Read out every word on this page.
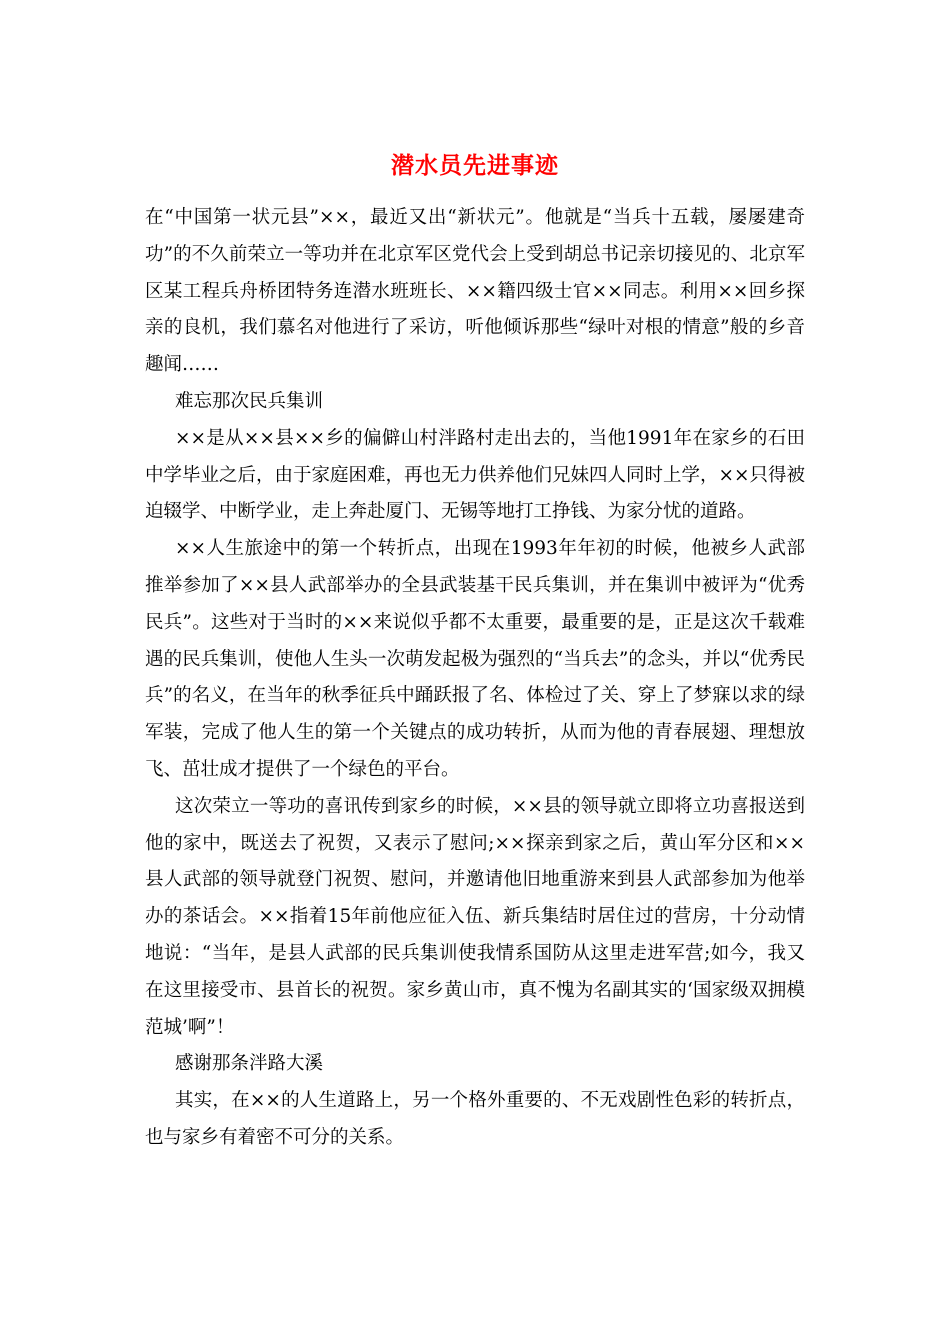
潜水员先进事迹

在“中国第一状元县”××，最近又出“新状元”。他就是“当兵十五载，屡屡建奇功”的不久前荣立一等功并在北京军区党代会上受到胡总书记亲切接见的、北京军区某工程兵舟桥团特务连潜水班班长、××籍四级士官××同志。利用××回乡探亲的良机，我们慕名对他进行了采访，听他倾诉那些“绿叶对根的情意”般的乡音趣闻……

难忘那次民兵集训

××是从××县××乡的偏僻山村泮路村走出去的，当他1991年在家乡的石田中学毕业之后，由于家庭困难，再也无力供养他们兄妹四人同时上学，××只得被迫辍学、中断学业，走上奔赴厦门、无锡等地打工挣钱、为家分忧的道路。

××人生旅途中的第一个转折点，出现在1993年年初的时候，他被乡人武部推举参加了××县人武部举办的全县武装基干民兵集训，并在集训中被评为“优秀民兵”。这些对于当时的××来说似乎都不太重要，最重要的是，正是这次千载难遇的民兵集训，使他人生头一次萌发起极为强烈的“当兵去”的念头，并以“优秀民兵”的名义，在当年的秋季征兵中踊跃报了名、体检过了关、穿上了梦寐以求的绿军装，完成了他人生的第一个关键点的成功转折，从而为他的青春展翅、理想放飞、茁壮成才提供了一个绿色的平台。

这次荣立一等功的喜讯传到家乡的时候，××县的领导就立即将立功喜报送到他的家中，既送去了祝贺，又表示了慰问;××探亲到家之后，黄山军分区和××县人武部的领导就登门祝贺、慰问，并邀请他旧地重游来到县人武部参加为他举办的茶话会。××指着15年前他应征入伍、新兵集结时居住过的营房，十分动情地说：“当年，是县人武部的民兵集训使我情系国防从这里走进军营;如今，我又在这里接受市、县首长的祝贺。家乡黄山市，真不愧为名副其实的‘国家级双拥模范城’啊”！

感谢那条泮路大溪

其实，在××的人生道路上，另一个格外重要的、不无戏剧性色彩的转折点，也与家乡有着密不可分的关系。
